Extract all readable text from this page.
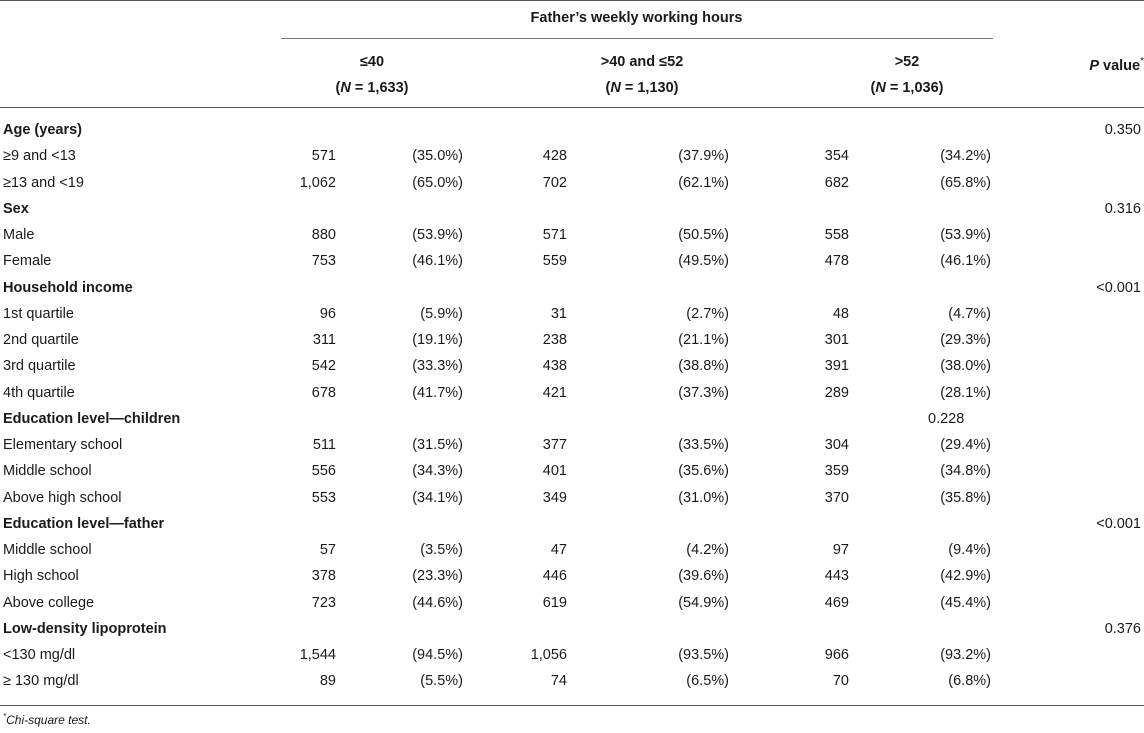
Father’s weekly working hours
≤40
(N = 1,633)
>40 and ≤52
(N = 1,130)
>52
(N = 1,036)
P value*
Age (years)	0.350
≥9 and <13	571	(35.0%)	428	(37.9%)	354	(34.2%)
≥13 and <19	1,062	(65.0%)	702	(62.1%)	682	(65.8%)
Sex	0.316
Male	880	(53.9%)	571	(50.5%)	558	(53.9%)
Female	753	(46.1%)	559	(49.5%)	478	(46.1%)
Household income	<0.001
1st quartile	96	(5.9%)	31	(2.7%)	48	(4.7%)
2nd quartile	311	(19.1%)	238	(21.1%)	301	(29.3%)
3rd quartile	542	(33.3%)	438	(38.8%)	391	(38.0%)
4th quartile	678	(41.7%)	421	(37.3%)	289	(28.1%)
Education level—children	0.228
Elementary school	511	(31.5%)	377	(33.5%)	304	(29.4%)
Middle school	556	(34.3%)	401	(35.6%)	359	(34.8%)
Above high school	553	(34.1%)	349	(31.0%)	370	(35.8%)
Education level—father	<0.001
Middle school	57	(3.5%)	47	(4.2%)	97	(9.4%)
High school	378	(23.3%)	446	(39.6%)	443	(42.9%)
Above college	723	(44.6%)	619	(54.9%)	469	(45.4%)
Low-density lipoprotein	0.376
<130 mg/dl	1,544	(94.5%)	1,056	(93.5%)	966	(93.2%)
≥ 130 mg/dl	89	(5.5%)	74	(6.5%)	70	(6.8%)
*Chi-square test.
